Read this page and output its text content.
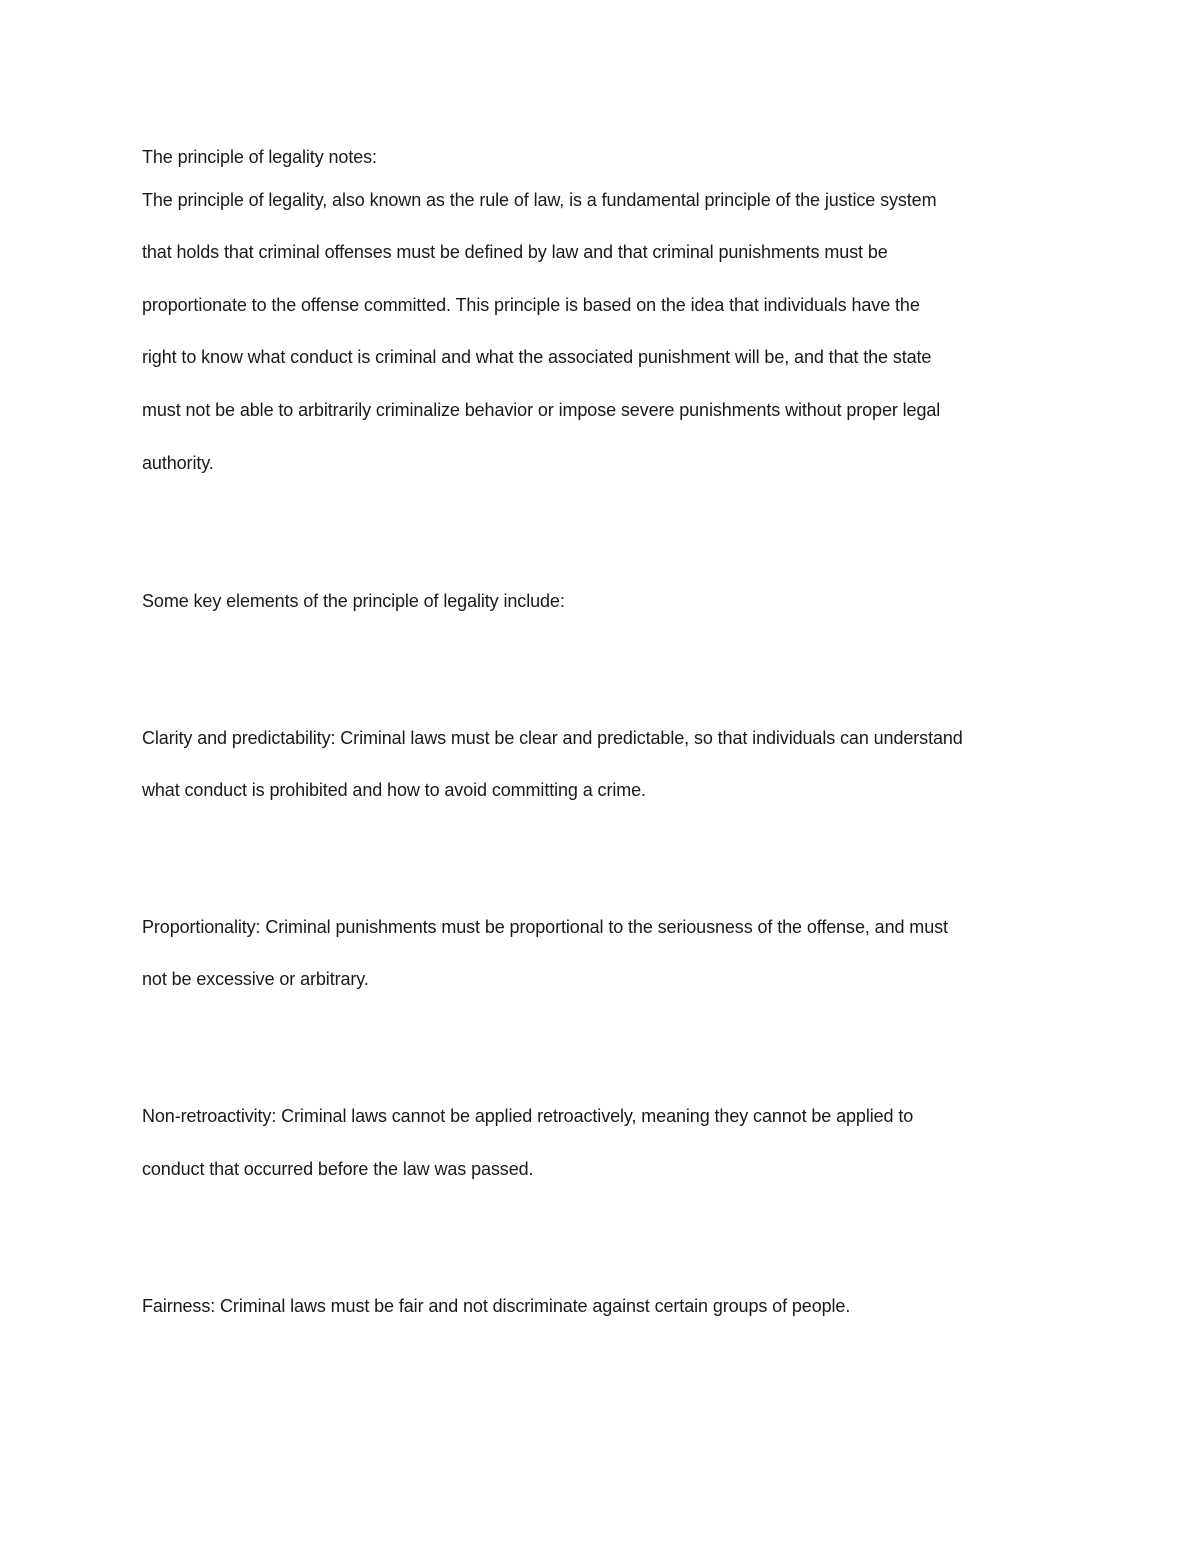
The principle of legality notes:
The principle of legality, also known as the rule of law, is a fundamental principle of the justice system
that holds that criminal offenses must be defined by law and that criminal punishments must be
proportionate to the offense committed. This principle is based on the idea that individuals have the
right to know what conduct is criminal and what the associated punishment will be, and that the state
must not be able to arbitrarily criminalize behavior or impose severe punishments without proper legal
authority.
Some key elements of the principle of legality include:
Clarity and predictability: Criminal laws must be clear and predictable, so that individuals can understand
what conduct is prohibited and how to avoid committing a crime.
Proportionality: Criminal punishments must be proportional to the seriousness of the offense, and must
not be excessive or arbitrary.
Non-retroactivity: Criminal laws cannot be applied retroactively, meaning they cannot be applied to
conduct that occurred before the law was passed.
Fairness: Criminal laws must be fair and not discriminate against certain groups of people.
